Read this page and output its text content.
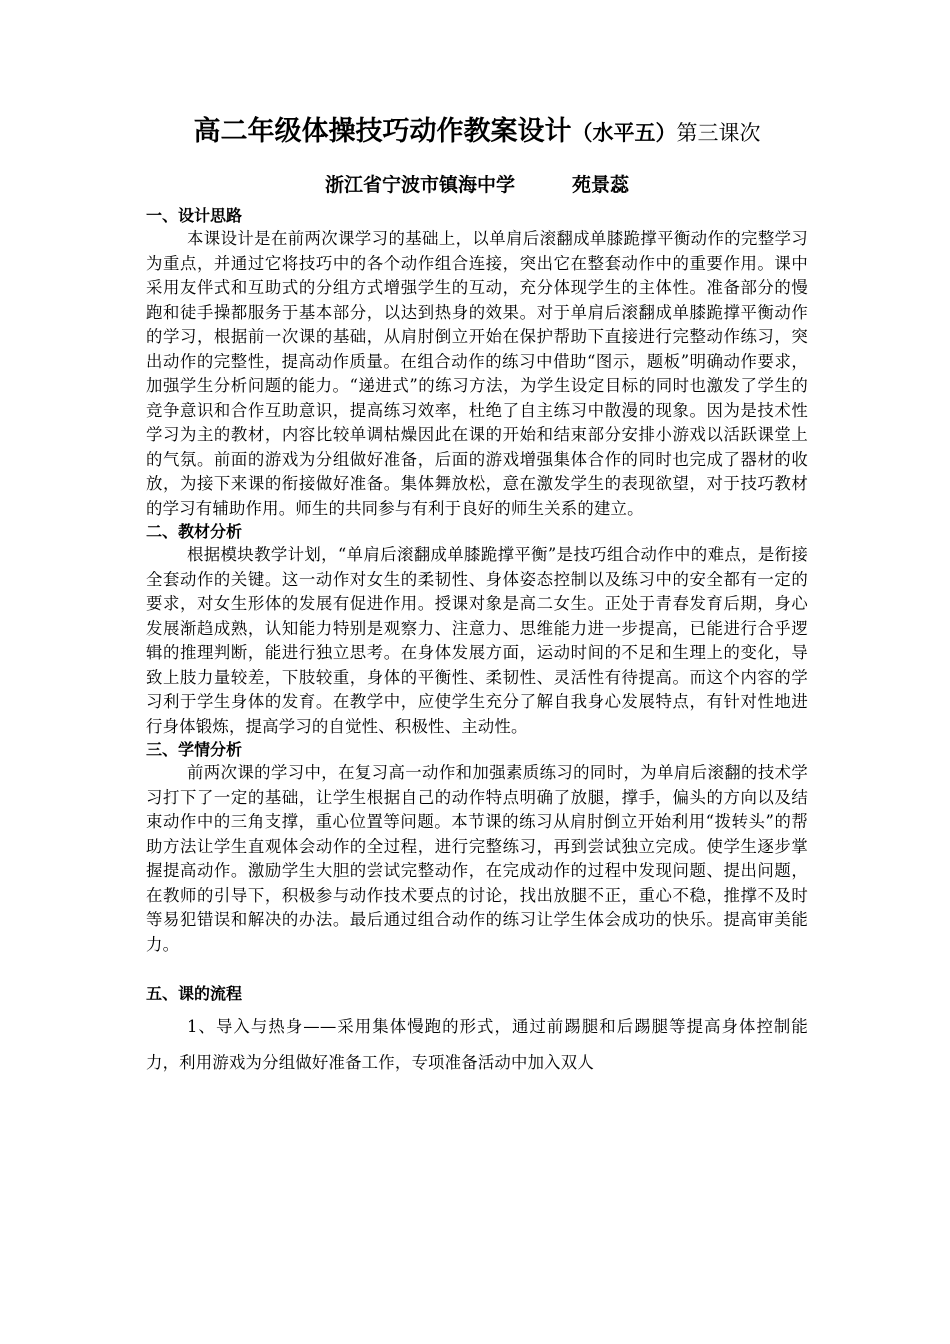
高二年级体操技巧动作教案设计（水平五）第三课次

浙江省宁波市镇海中学　　　苑景蕊

一、设计思路

本课设计是在前两次课学习的基础上，以单肩后滚翻成单膝跪撑平衡动作的完整学习为重点，并通过它将技巧中的各个动作组合连接，突出它在整套动作中的重要作用。课中采用友伴式和互助式的分组方式增强学生的互动，充分体现学生的主体性。准备部分的慢跑和徒手操都服务于基本部分，以达到热身的效果。对于单肩后滚翻成单膝跪撑平衡动作的学习，根据前一次课的基础，从肩肘倒立开始在保护帮助下直接进行完整动作练习，突出动作的完整性，提高动作质量。在组合动作的练习中借助“图示，题板”明确动作要求，加强学生分析问题的能力。“递进式”的练习方法，为学生设定目标的同时也激发了学生的竞争意识和合作互助意识，提高练习效率，杜绝了自主练习中散漫的现象。因为是技术性学习为主的教材，内容比较单调枯燥因此在课的开始和结束部分安排小游戏以活跃课堂上的气氛。前面的游戏为分组做好准备，后面的游戏增强集体合作的同时也完成了器材的收放，为接下来课的衔接做好准备。集体舞放松，意在激发学生的表现欲望，对于技巧教材的学习有辅助作用。师生的共同参与有利于良好的师生关系的建立。

二、教材分析

根据模块教学计划，“单肩后滚翻成单膝跪撑平衡”是技巧组合动作中的难点，是衔接全套动作的关键。这一动作对女生的柔韧性、身体姿态控制以及练习中的安全都有一定的要求，对女生形体的发展有促进作用。授课对象是高二女生。正处于青春发育后期，身心发展渐趋成熟，认知能力特别是观察力、注意力、思维能力进一步提高，已能进行合乎逻辑的推理判断，能进行独立思考。在身体发展方面，运动时间的不足和生理上的变化，导致上肢力量较差，下肢较重，身体的平衡性、柔韧性、灵活性有待提高。而这个内容的学习利于学生身体的发育。在教学中，应使学生充分了解自我身心发展特点，有针对性地进行身体锻炼，提高学习的自觉性、积极性、主动性。

三、学情分析

前两次课的学习中，在复习高一动作和加强素质练习的同时，为单肩后滚翻的技术学习打下了一定的基础，让学生根据自己的动作特点明确了放腿，撑手，偏头的方向以及结束动作中的三角支撑，重心位置等问题。本节课的练习从肩肘倒立开始利用“拨转头”的帮助方法让学生直观体会动作的全过程，进行完整练习，再到尝试独立完成。使学生逐步掌握提高动作。激励学生大胆的尝试完整动作，在完成动作的过程中发现问题、提出问题，在教师的引导下，积极参与动作技术要点的讨论，找出放腿不正，重心不稳，推撑不及时等易犯错误和解决的办法。最后通过组合动作的练习让学生体会成功的快乐。提高审美能力。

五、课的流程

1、导入与热身——采用集体慢跑的形式，通过前踢腿和后踢腿等提高身体控制能力，利用游戏为分组做好准备工作，专项准备活动中加入双人
